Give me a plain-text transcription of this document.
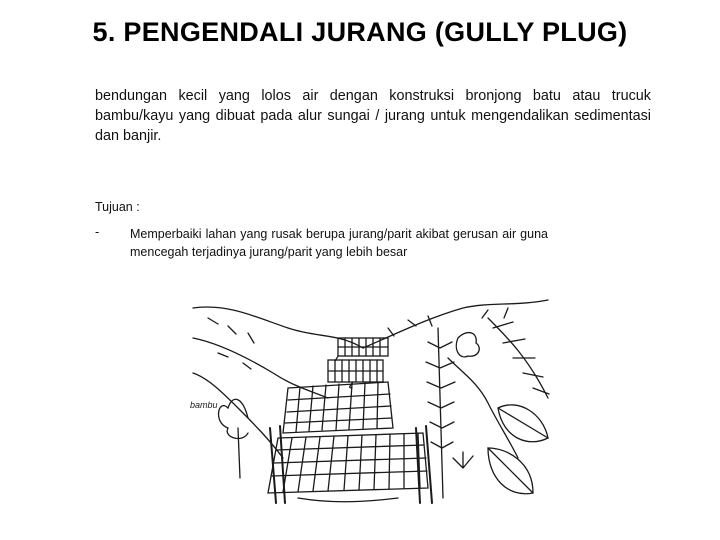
5. PENGENDALI JURANG (GULLY PLUG)
bendungan kecil yang lolos air dengan konstruksi bronjong batu atau trucuk bambu/kayu yang dibuat pada alur sungai / jurang untuk mengendalikan sedimentasi dan banjir.
Tujuan :
- Memperbaiki lahan yang rusak berupa jurang/parit akibat gerusan air guna mencegah terjadinya jurang/parit yang lebih besar
bambu
